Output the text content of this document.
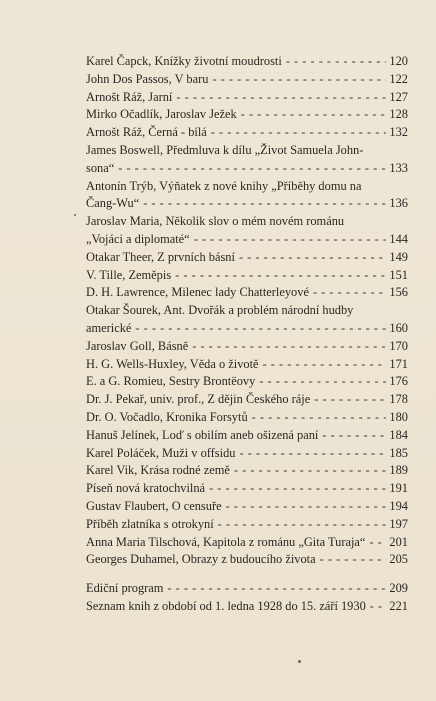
Karel Čapck, Knížky životní moudrosti - - -	120
John Dos Passos, V baru - - -	122
Arnošt Ráž, Jarní - - -	127
Mirko Očadlík, Jaroslav Ježek - - -	128
Arnošt Ráž, Černá - bílá - - -	132
James Boswell, Předmluva k dílu „Život Samuela John-
sona“ - - -	133
Antonín Trýb, Výňatek z nové knihy „Příběhy domu na
Čang-Wu“ - - -	136
Jaroslav Maria, Několik slov o mém novém románu
„Vojáci a diplomaté“ - - -	144
Otakar Theer, Z prvních básní - - -	149
V. Tille, Zeměpis - - -	151
D. H. Lawrence, Milenec lady Chatterleyové - - -	156
Otakar Šourek, Ant. Dvořák a problém národní hudby
americké - - -	160
Jaroslav Goll, Básně - - -	170
H. G. Wells-Huxley, Věda o životě - - -	171
E. a G. Romieu, Sestry Brontëovy - - -	176
Dr. J. Pekař, univ. prof., Z dějin Českého ráje - - -	178
Dr. O. Vočadlo, Kronika Forsytů - - -	180
Hanuš Jelínek, Loď s obilím aneb ošizená paní - - -	184
Karel Poláček, Muži v offsidu - - -	185
Karel Vik, Krása rodné země - - -	189
Píseň nová kratochvilná - - -	191
Gustav Flaubert, O censuře - - -	194
Příběh zlatníka s otrokyní - - -	197
Anna Maria Tilschová, Kapitola z románu „Gita Turaja“ - - - 201
Georges Duhamel, Obrazy z budoucího života - - -	205
Ediční program - - -	209
Seznam knih z období od 1. ledna 1928 do 15. září 1930 - - - 221
